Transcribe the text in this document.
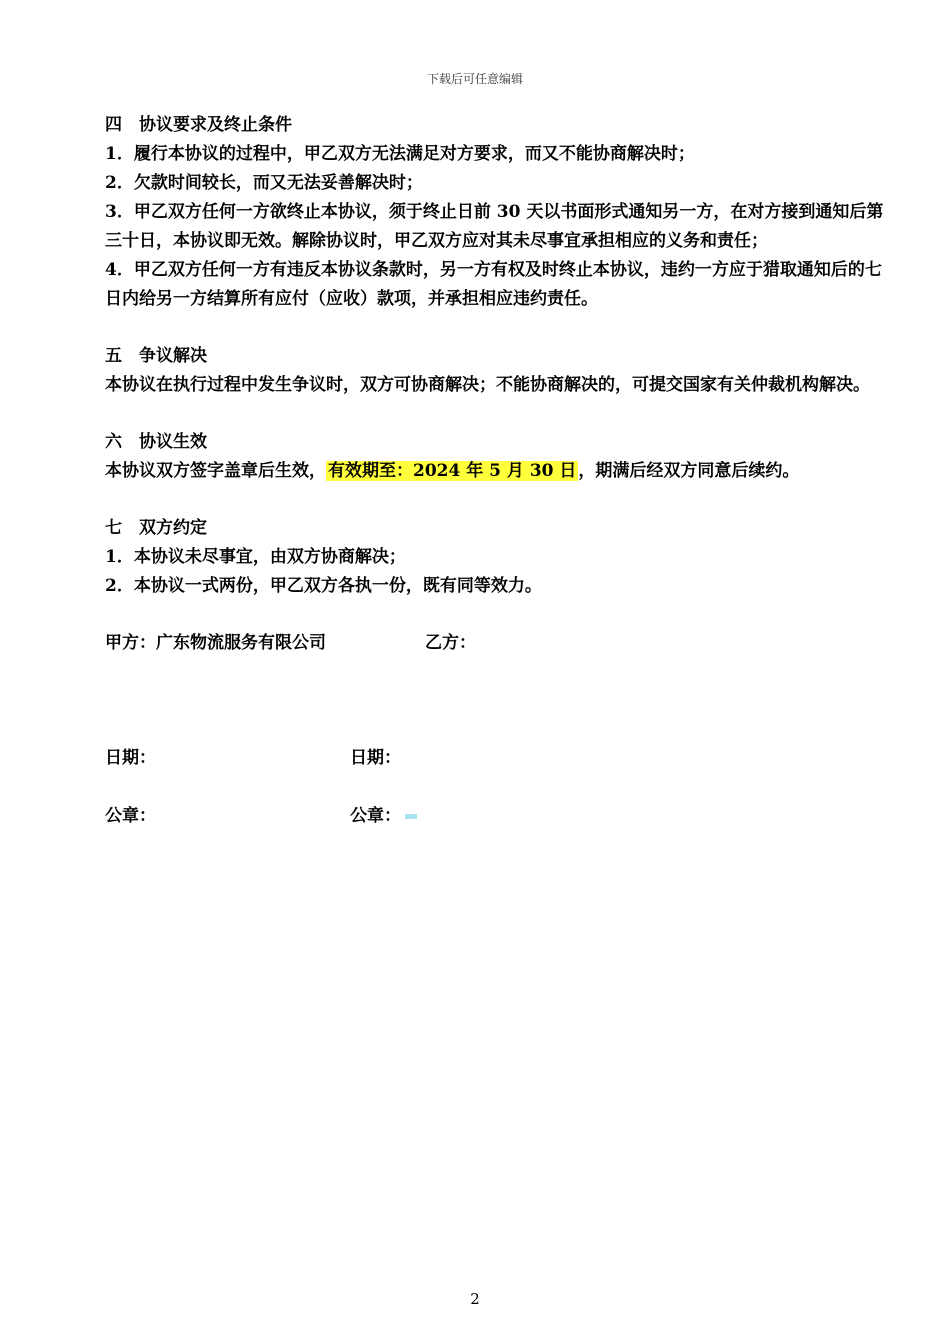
下载后可任意编辑

四　协议要求及终止条件

1．履行本协议的过程中，甲乙双方无法满足对方要求，而又不能协商解决时；

2．欠款时间较长，而又无法妥善解决时；

3．甲乙双方任何一方欲终止本协议，须于终止日前 30 天以书面形式通知另一方，在对方接到通知后第三十日，本协议即无效。解除协议时，甲乙双方应对其未尽事宜承担相应的义务和责任；

4．甲乙双方任何一方有违反本协议条款时，另一方有权及时终止本协议，违约一方应于猎取通知后的七日内给另一方结算所有应付（应收）款项，并承担相应违约责任。

五　争议解决

本协议在执行过程中发生争议时，双方可协商解决；不能协商解决的，可提交国家有关仲裁机构解决。

六　协议生效

本协议双方签字盖章后生效， 有效期至：2024 年 5 月 30 日 ，期满后经双方同意后续约。

七　双方约定

1．本协议未尽事宜，由双方协商解决；

2．本协议一式两份，甲乙双方各执一份，既有同等效力。

甲方：广东物流服务有限公司	乙方：
日期：	日期：
公章：	公章：
2
